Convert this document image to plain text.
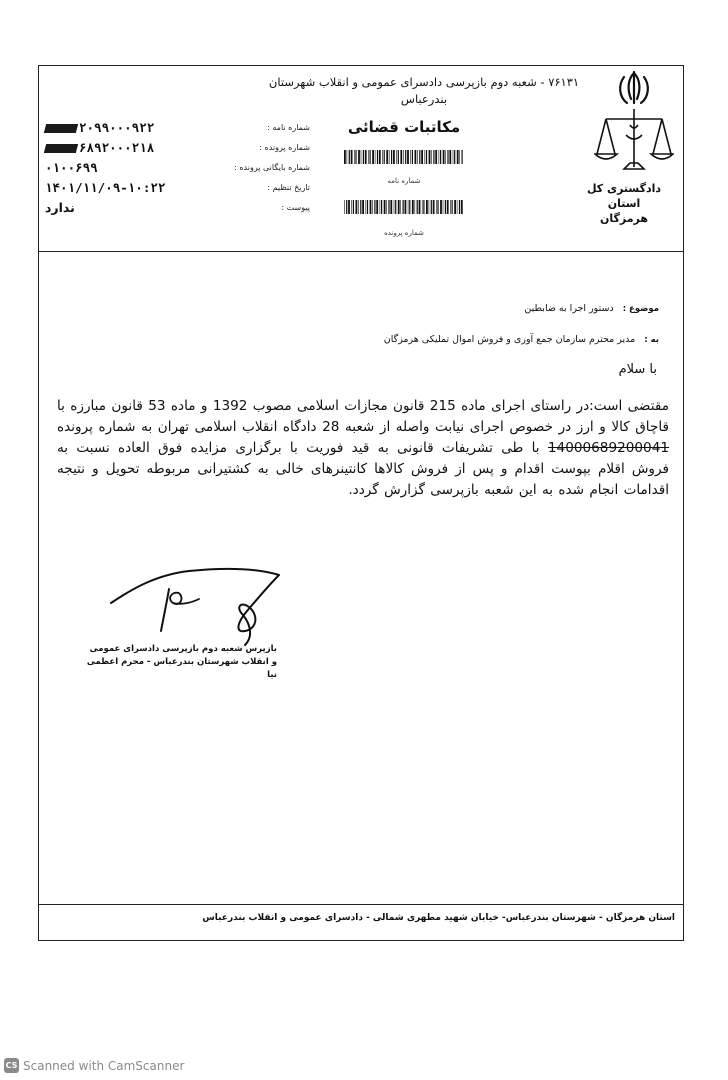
۷۶۱۳۱ - شعبه دوم بازپرسی دادسرای عمومی و انقلاب شهرستان
بندرعباس
دادگستری کل استان
هرمزگان
مکاتبات قضائی
شماره نامه
شماره پرونده
شماره نامه :
۲۰۹۹۰۰۰۹۲۲
شماره پرونده :
۶۸۹۲۰۰۰۲۱۸
شماره بایگانی پرونده :
۰۱۰۰۶۹۹
تاریخ تنظیم :
۱۴۰۱/۱۱/۰۹-۱۰:۲۲
پیوست :
ندارد
موضوع : دستور اجرا به ضابطین
به : مدیر محترم سازمان جمع آوری و فروش اموال تملیکی هرمزگان
با سلام
مقتضی است:در راستای اجرای ماده 215 قانون مجازات اسلامی مصوب 1392 و ماده 53 قانون مبارزه با قاچاق کالا و ارز در خصوص اجرای نیابت واصله از شعبه 28 دادگاه انقلاب اسلامی تهران به شماره پرونده 14000689200041 با طی تشریفات قانونی به قید فوریت با برگزاری مزایده فوق العاده نسبت به فروش اقلام بپوست اقدام و پس از فروش کالاها کانتینرهای خالی به کشتیرانی مربوطه تحویل و نتیجه اقدامات انجام شده به این شعبه بازپرسی گزارش گردد.
بازپرس شعبه دوم بازپرسی دادسرای عمومی
و انقلاب شهرستان بندرعباس - محرم اعظمی
نیا
استان هرمزگان - شهرستان بندرعباس- خیابان شهید مطهری شمالی - دادسرای عمومی و انقلاب بندرعباس
CS Scanned with CamScanner
